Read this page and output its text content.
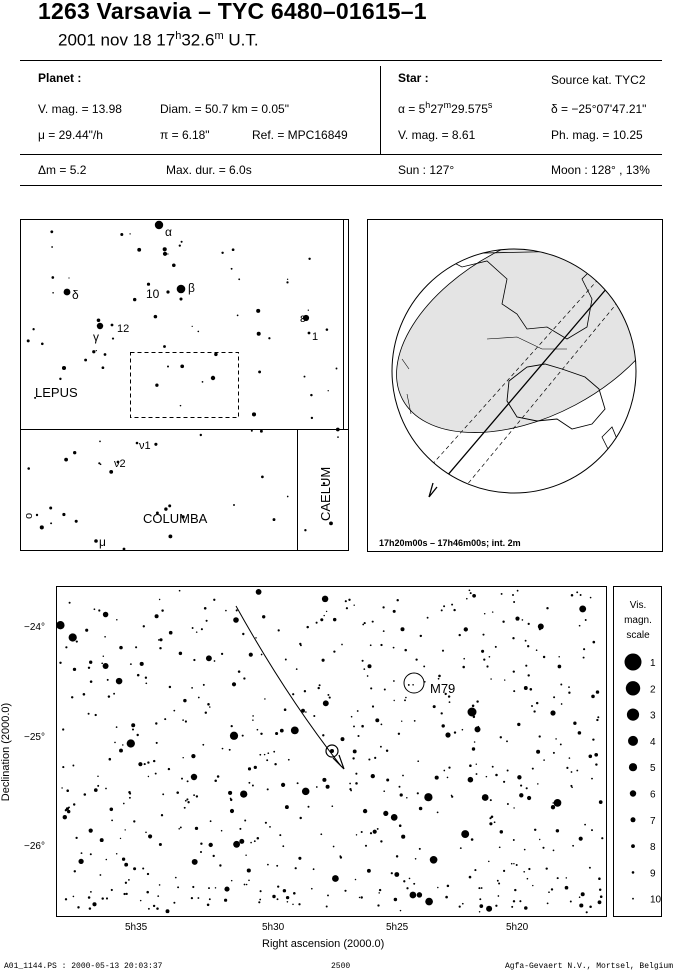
1263 Varsavia – TYC 6480–01615–1
2001 nov 18 17$^h$32.6$^m$ U.T.
Planet :
V. mag. = 13.98	Diam. = 50.7 km = 0.05"
μ = 29.44"/h	π = 6.18"	Ref. = MPC16849
Δm = 5.2	Max. dur. = 6.0s
Star :	Source kat. TYC2
$\alpha = 5^h27^m29.575^s$	δ = −25°07'47.21"
V. mag. = 8.61	Ph. mag. = 10.25
Sun : 127°	Moon : 128° , 13%
α
β
10
δ
ε
1
12
γ
LEPUS
ν1
ν2
COLUMBA
μ
o	CAELUM
17h20m00s – 17h46m00s; int. 2m
M79
−24°
−25°
−26°
5h35	5h30	5h25	5h20
Right ascension (2000.0)
Declination (2000.0)
Vis.
magn.
scale
1
2
3
4
5
6
7
8
9
10
A01_1144.PS : 2000-05-13 20:03:37	2500	Agfa-Gevaert N.V., Mortsel, Belgium
